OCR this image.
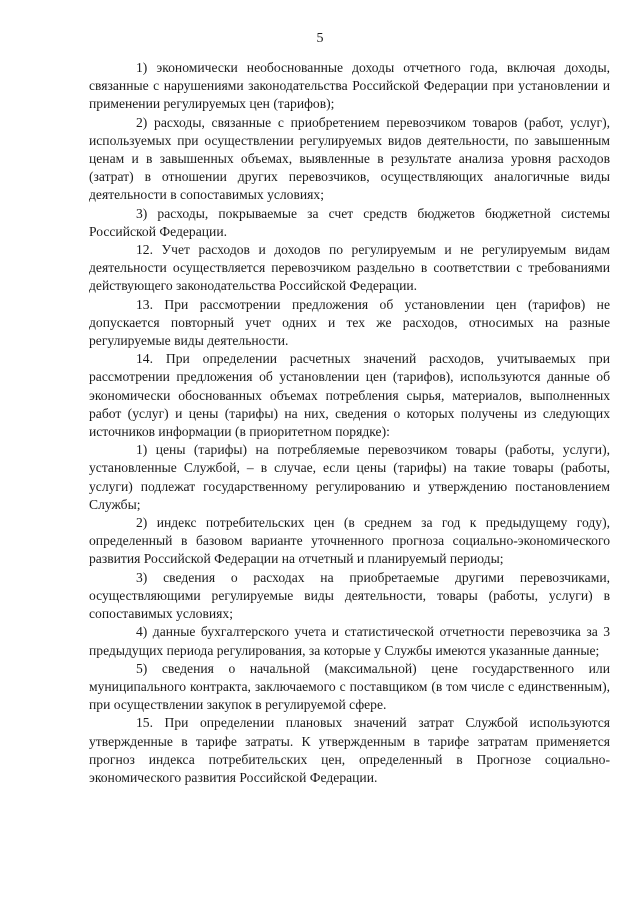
5

1) экономически необоснованные доходы отчетного года, включая доходы, связанные с нарушениями законодательства Российской Федерации при установлении и применении регулируемых цен (тарифов);

2) расходы, связанные с приобретением перевозчиком товаров (работ, услуг), используемых при осуществлении регулируемых видов деятельности, по завышенным ценам и в завышенных объемах, выявленные в результате анализа уровня расходов (затрат) в отношении других перевозчиков, осуществляющих аналогичные виды деятельности в сопоставимых условиях;

3) расходы, покрываемые за счет средств бюджетов бюджетной системы Российской Федерации.

12. Учет расходов и доходов по регулируемым и не регулируемым видам деятельности осуществляется перевозчиком раздельно в соответствии с требованиями действующего законодательства Российской Федерации.

13. При рассмотрении предложения об установлении цен (тарифов) не допускается повторный учет одних и тех же расходов, относимых на разные регулируемые виды деятельности.

14. При определении расчетных значений расходов, учитываемых при рассмотрении предложения об установлении цен (тарифов), используются данные об экономически обоснованных объемах потребления сырья, материалов, выполненных работ (услуг) и цены (тарифы) на них, сведения о которых получены из следующих источников информации (в приоритетном порядке):

1) цены (тарифы) на потребляемые перевозчиком товары (работы, услуги), установленные Службой, – в случае, если цены (тарифы) на такие товары (работы, услуги) подлежат государственному регулированию и утверждению постановлением Службы;

2) индекс потребительских цен (в среднем за год к предыдущему году), определенный в базовом варианте уточненного прогноза социально-экономического развития Российской Федерации на отчетный и планируемый периоды;

3) сведения о расходах на приобретаемые другими перевозчиками, осуществляющими регулируемые виды деятельности, товары (работы, услуги) в сопоставимых условиях;

4) данные бухгалтерского учета и статистической отчетности перевозчика за 3 предыдущих периода регулирования, за которые у Службы имеются указанные данные;

5) сведения о начальной (максимальной) цене государственного или муниципального контракта, заключаемого с поставщиком (в том числе с единственным), при осуществлении закупок в регулируемой сфере.

15. При определении плановых значений затрат Службой используются утвержденные в тарифе затраты. К утвержденным в тарифе затратам применяется прогноз индекса потребительских цен, определенный в Прогнозе социально-экономического развития Российской Федерации.
